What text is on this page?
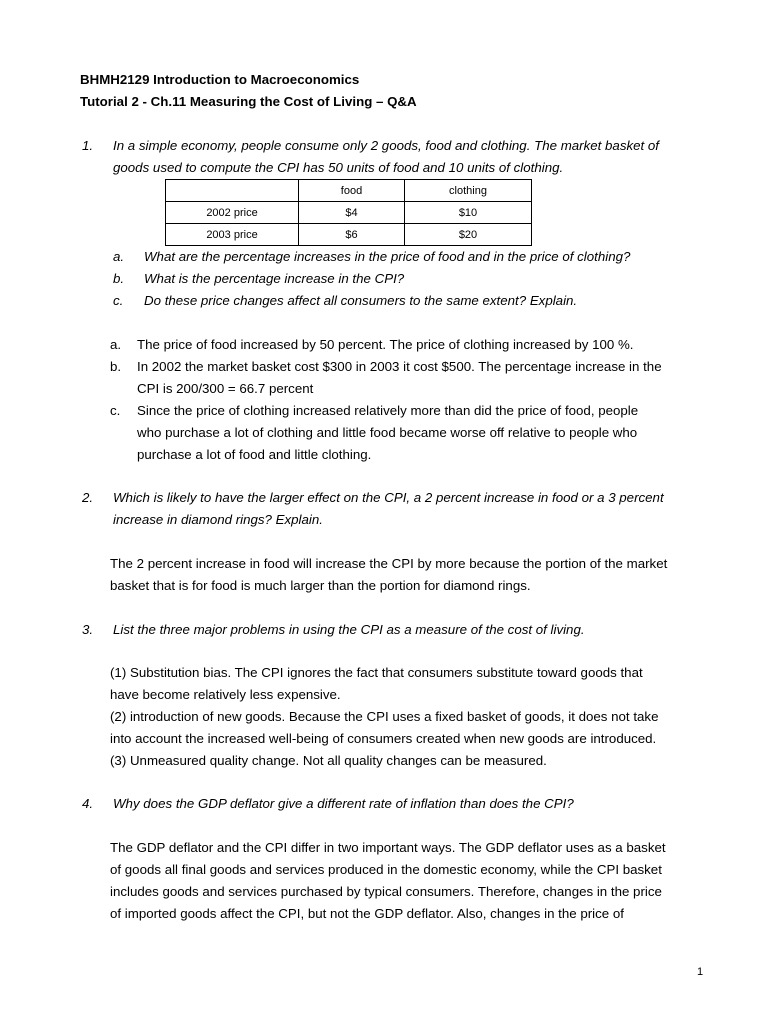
BHMH2129 Introduction to Macroeconomics
Tutorial 2 - Ch.11 Measuring the Cost of Living – Q&A
1. In a simple economy, people consume only 2 goods, food and clothing. The market basket of
goods used to compute the CPI has 50 units of food and 10 units of clothing.
	food	clothing
2002 price	$4	$10
2003 price	$6	$20
a. What are the percentage increases in the price of food and in the price of clothing?
b. What is the percentage increase in the CPI?
c. Do these price changes affect all consumers to the same extent? Explain.
a. The price of food increased by 50 percent. The price of clothing increased by 100 %.
b. In 2002 the market basket cost $300 in 2003 it cost $500. The percentage increase in the
CPI is 200/300 = 66.7 percent
c. Since the price of clothing increased relatively more than did the price of food, people
who purchase a lot of clothing and little food became worse off relative to people who
purchase a lot of food and little clothing.
2. Which is likely to have the larger effect on the CPI, a 2 percent increase in food or a 3 percent
increase in diamond rings? Explain.
The 2 percent increase in food will increase the CPI by more because the portion of the market
basket that is for food is much larger than the portion for diamond rings.
3. List the three major problems in using the CPI as a measure of the cost of living.
(1) Substitution bias. The CPI ignores the fact that consumers substitute toward goods that
have become relatively less expensive.
(2) introduction of new goods. Because the CPI uses a fixed basket of goods, it does not take
into account the increased well-being of consumers created when new goods are introduced.
(3) Unmeasured quality change. Not all quality changes can be measured.
4. Why does the GDP deflator give a different rate of inflation than does the CPI?
The GDP deflator and the CPI differ in two important ways. The GDP deflator uses as a basket
of goods all final goods and services produced in the domestic economy, while the CPI basket
includes goods and services purchased by typical consumers. Therefore, changes in the price
of imported goods affect the CPI, but not the GDP deflator. Also, changes in the price of
1
